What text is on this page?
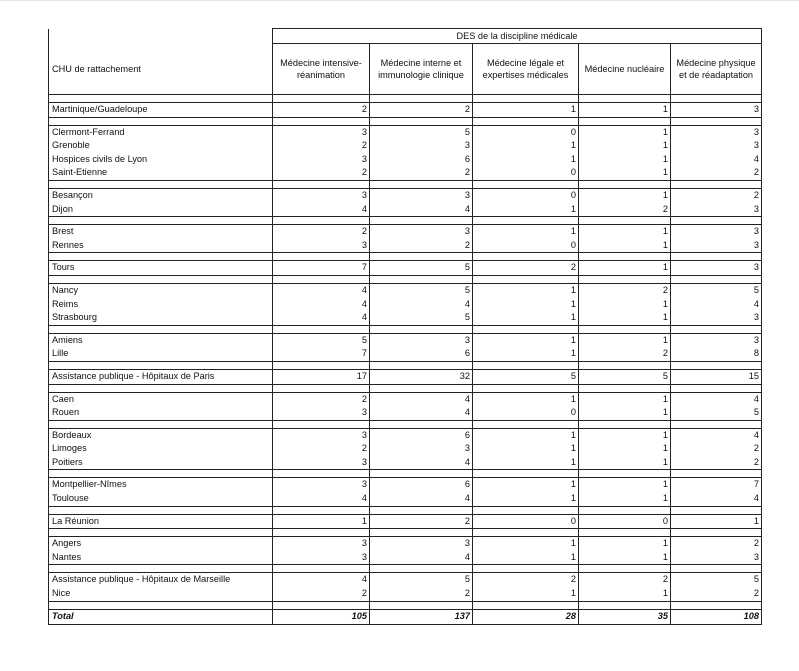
	DES de la discipline médicale				
CHU de rattachement	Médecine intensive-réanimation	Médecine interne et immunologie clinique	Médecine légale et expertises médicales	Médecine nucléaire	Médecine physique et de réadaptation

Martinique/Guadeloupe	2	2	1	1	3

Clermont-Ferrand	3	5	0	1	3
Grenoble	2	3	1	1	3
Hospices civils de Lyon	3	6	1	1	4
Saint-Etienne	2	2	0	1	2

Besançon	3	3	0	1	2
Dijon	4	4	1	2	3

Brest	2	3	1	1	3
Rennes	3	2	0	1	3

Tours	7	5	2	1	3

Nancy	4	5	1	2	5
Reims	4	4	1	1	4
Strasbourg	4	5	1	1	3

Amiens	5	3	1	1	3
Lille	7	6	1	2	8

Assistance publique - Hôpitaux de Paris	17	32	5	5	15

Caen	2	4	1	1	4
Rouen	3	4	0	1	5

Bordeaux	3	6	1	1	4
Limoges	2	3	1	1	2
Poitiers	3	4	1	1	2

Montpellier-Nîmes	3	6	1	1	7
Toulouse	4	4	1	1	4

La Réunion	1	2	0	0	1

Angers	3	3	1	1	2
Nantes	3	4	1	1	3

Assistance publique - Hôpitaux de Marseille	4	5	2	2	5
Nice	2	2	1	1	2

Total	105	137	28	35	108
